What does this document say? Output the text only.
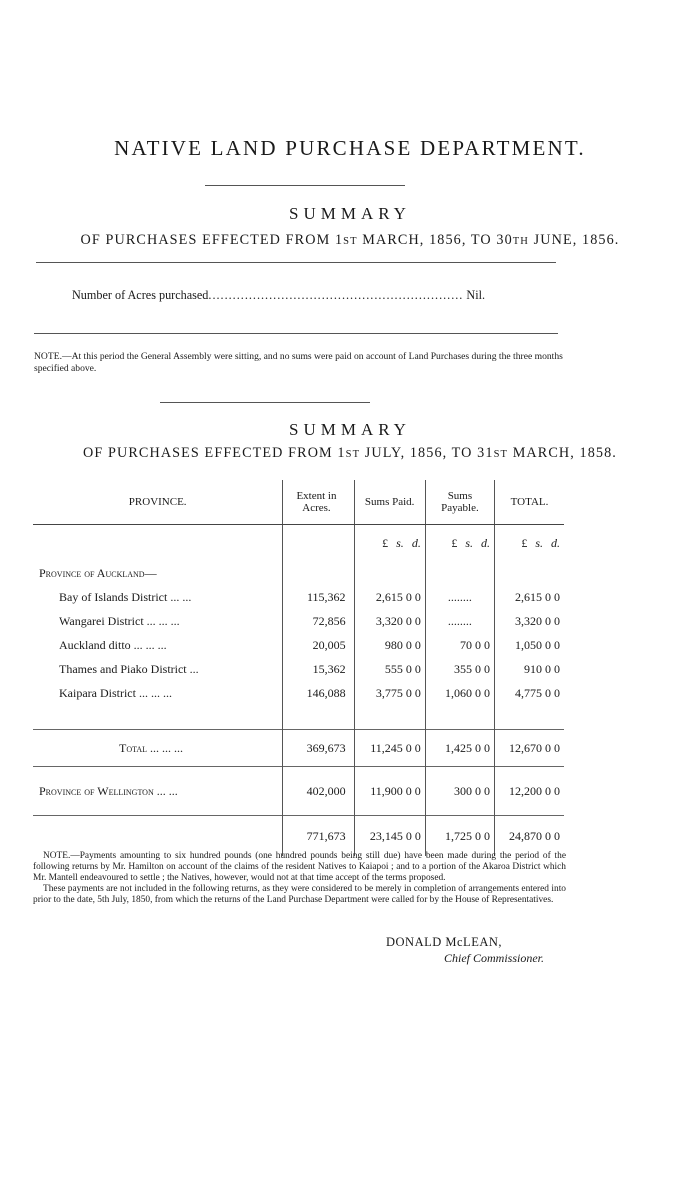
NATIVE LAND PURCHASE DEPARTMENT.
SUMMARY
OF PURCHASES EFFECTED FROM 1ST MARCH, 1856, TO 30TH JUNE, 1856.
Number of Acres purchased............................................................... Nil.
NOTE.—At this period the General Assembly were sitting, and no sums were paid on account of Land Purchases during the three months specified above.
SUMMARY
OF PURCHASES EFFECTED FROM 1ST JULY, 1856, TO 31ST MARCH, 1858.
PROVINCE.	Extent in Acres.	Sums Paid.	Sums Payable.	TOTAL.
		£ s. d.	£ s. d.	£ s. d.
Province of Auckland—				
Bay of Islands District ... ...	115,362	2,615 0 0	........	2,615 0 0
Wangarei District ... ... ...	72,856	3,320 0 0	........	3,320 0 0
Auckland ditto ... ... ...	20,005	980 0 0	70 0 0	1,050 0 0
Thames and Piako District ...	15,362	555 0 0	355 0 0	910 0 0
Kaipara District ... ... ...	146,088	3,775 0 0	1,060 0 0	4,775 0 0

Total ... ... ...	369,673	11,245 0 0	1,425 0 0	12,670 0 0
Province of Wellington ... ...	402,000	11,900 0 0	300 0 0	12,200 0 0
	771,673	23,145 0 0	1,725 0 0	24,870 0 0
NOTE.—Payments amounting to six hundred pounds (one hundred pounds being still due) have been made during the period of the following returns by Mr. Hamilton on account of the claims of the resident Natives to Kaiapoi ; and to a portion of the Akaroa District which Mr. Mantell endeavoured to settle ; the Natives, however, would not at that time accept of the terms proposed.
These payments are not included in the following returns, as they were considered to be merely in completion of arrangements entered into prior to the date, 5th July, 1850, from which the returns of the Land Purchase Department were called for by the House of Representatives.
DONALD McLEAN,
Chief Commissioner.
